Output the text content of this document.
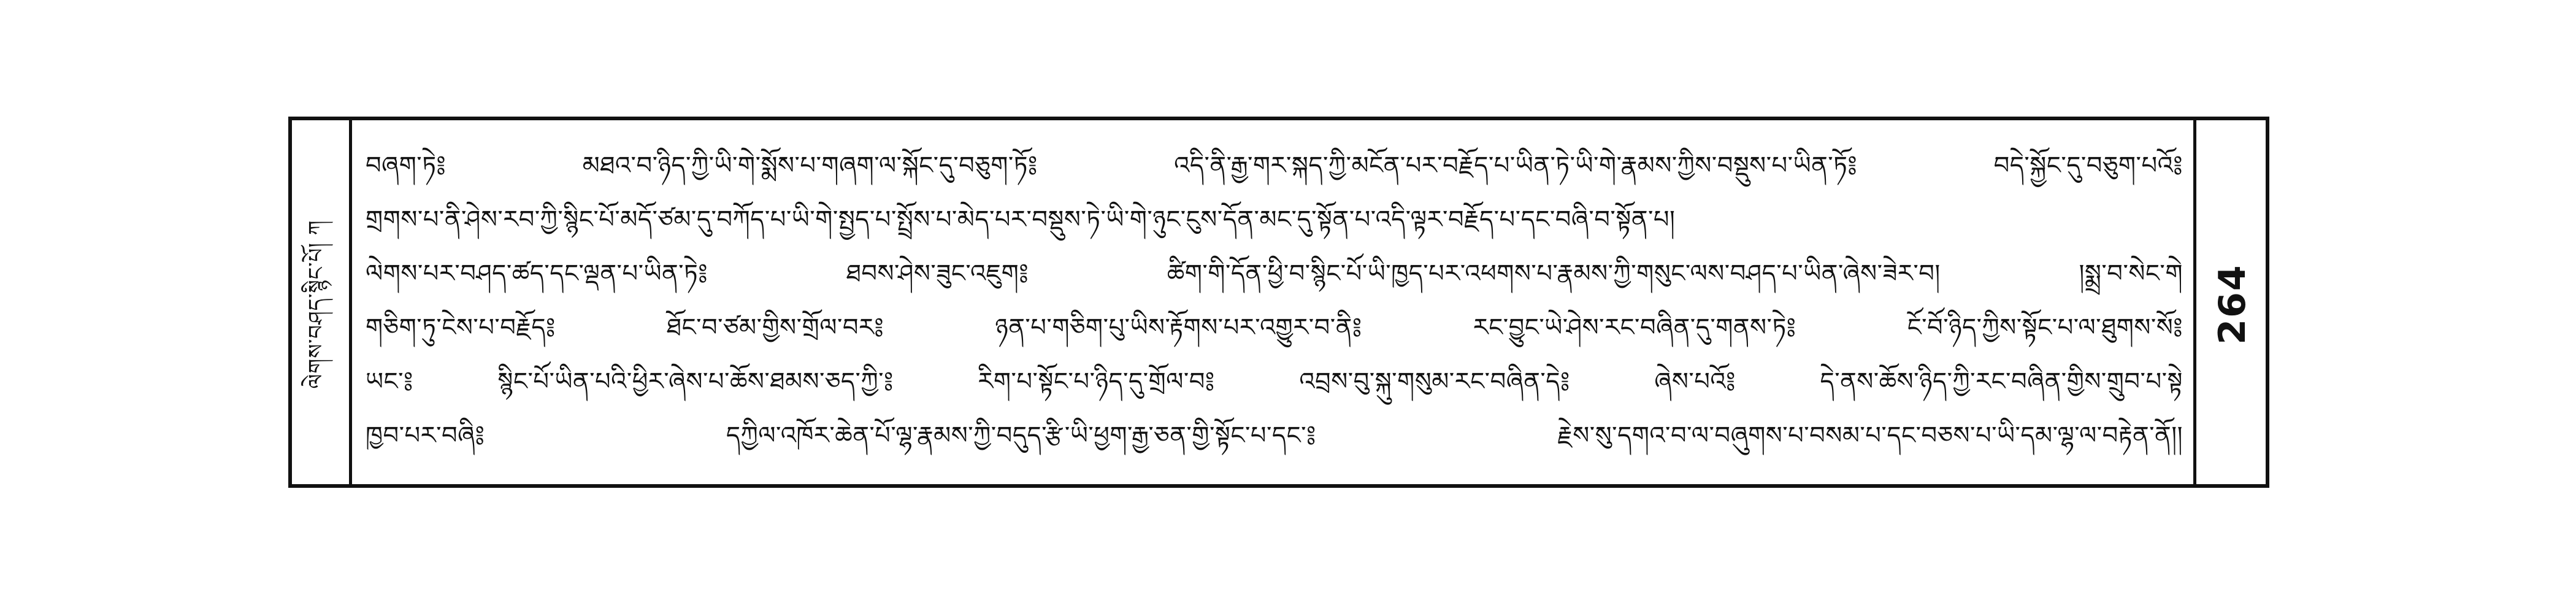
ལེགས་བཤད་སྙིང་པོ། ཀ
བཞག་ཏེ༔ མཐའ་བ་ཉིད་ཀྱི་ཡི་གེ་སྨོས་པ་གཞག་ལ་སྐོང་དུ་བཅུག་ཏོ༔ འདི་ནི་རྒྱ་གར་སྐད་ཀྱི་མངོན་པར་བརྗོད་པ་ཡིན་ཏེ་ཡི་གེ་རྣམས་ཀྱིས་བསྡུས་པ་ཡིན་ཏོ༔ བདེ་སྐྱོང་དུ་བཅུག་པའོ༔
གྲགས་པ་ནི་ཤེས་རབ་ཀྱི་སྙིང་པོ་མདོ་ཙམ་དུ་བཀོད་པ་ཡི་གེ་སྤྱད་པ་སྤྲོས་པ་མེད་པར་བསྡུས་ཏེ་ཡི་གེ་ཉུང་ངུས་དོན་མང་དུ་སྟོན་པ་འདི་ལྟར་བརྗོད་པ་དང་བཞི་བ་སྟོན་པ།
ལེགས་པར་བཤད་ཚད་དང་ལྡན་པ་ཡིན་ཏེ༔ ཐབས་ཤེས་ཟུང་འཇུག༔ ཚིག་གི་དོན་ཕྱི་བ་སྙིང་པོ་ཡི་ཁྱད་པར་འཕགས་པ་རྣམས་ཀྱི་གསུང་ལས་བཤད་པ་ཡིན་ཞེས་ཟེར་བ། །སྨྲ་བ་སེང་གེ
གཅིག་ཏུ་ངེས་པ་བརྗོད༔ ཐོང་བ་ཙམ་གྱིས་གྲོལ་བར༔ ཉན་པ་གཅིག་པུ་ཡིས་རྟོགས་པར་འགྱུར་བ་ནི༔ རང་བྱུང་ཡེ་ཤེས་རང་བཞིན་དུ་གནས་ཏེ༔ ངོ་བོ་ཉིད་ཀྱིས་སྟོང་པ་ལ་ཐུགས་སོ༔
ཡང་༔ སྙིང་པོ་ཡིན་པའི་ཕྱིར་ཞེས་པ་ཆོས་ཐམས་ཅད་ཀྱི་༔ རིག་པ་སྟོང་པ་ཉིད་དུ་གྲོལ་བ༔ འབྲས་བུ་སྐུ་གསུམ་རང་བཞིན་དེ༔ ཞེས་པའོ༔ དེ་ནས་ཆོས་ཉིད་ཀྱི་རང་བཞིན་གྱིས་གྲུབ་པ་སྟེ
ཁྱབ་པར་བཞི༔ དཀྱིལ་འཁོར་ཆེན་པོ་ལྷ་རྣམས་ཀྱི་བདུད་རྩི་ཡི་ཕྱག་རྒྱ་ཅན་གྱི་སྟོང་པ་དང་༔ རྗེས་སུ་དགའ་བ་ལ་བཞུགས་པ་བསམ་པ་དང་བཅས་པ་ཡི་དམ་ལྷ་ལ་བརྟེན་ནོ།།
264
